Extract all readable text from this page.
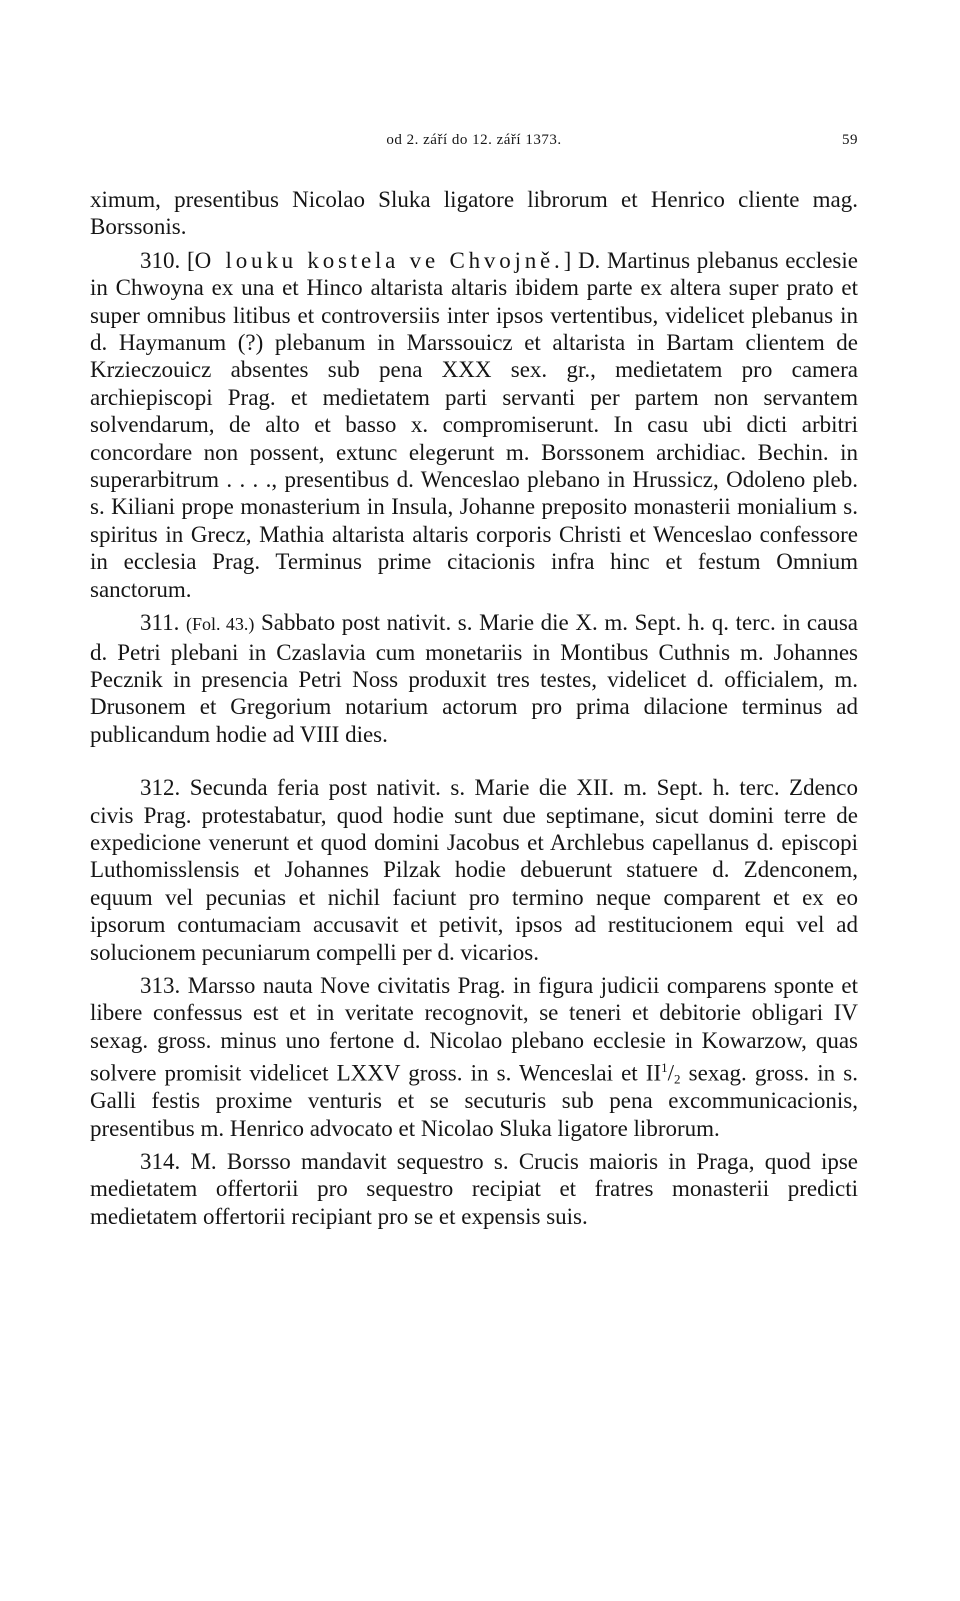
od 2. září do 12. září 1373.	59

ximum, presentibus Nicolao Sluka ligatore librorum et Henrico cliente mag. Borssonis.

310. [O louku kostela ve Chvojně.] D. Martinus plebanus ecclesie in Chwoyna ex una et Hinco altarista altaris ibidem parte ex altera super prato et super omnibus litibus et controversiis inter ipsos vertentibus, videlicet plebanus in d. Haymanum (?) plebanum in Marssouicz et altarista in Bartam clientem de Krzieczouicz absentes sub pena XXX sex. gr., medietatem pro camera archiepiscopi Prag. et medietatem parti servanti per partem non servantem solvendarum, de alto et basso x. compromiserunt. In casu ubi dicti arbitri concordare non possent, extunc elegerunt m. Borssonem archidiac. Bechin. in superarbitrum . . . ., presentibus d. Wenceslao plebano in Hrussicz, Odoleno pleb. s. Kiliani prope monasterium in Insula, Johanne preposito monasterii monialium s. spiritus in Grecz, Mathia altarista altaris corporis Christi et Wenceslao confessore in ecclesia Prag. Terminus prime citacionis infra hinc et festum Omnium sanctorum.

311. (Fol. 43.) Sabbato post nativit. s. Marie die X. m. Sept. h. q. terc. in causa d. Petri plebani in Czaslavia cum monetariis in Montibus Cuthnis m. Johannes Pecznik in presencia Petri Noss produxit tres testes, videlicet d. officialem, m. Drusonem et Gregorium notarium actorum pro prima dilacione terminus ad publicandum hodie ad VIII dies.

312. Secunda feria post nativit. s. Marie die XII. m. Sept. h. terc. Zdenco civis Prag. protestabatur, quod hodie sunt due septimane, sicut domini terre de expedicione venerunt et quod domini Jacobus et Archlebus capellanus d. episcopi Luthomisslensis et Johannes Pilzak hodie debuerunt statuere d. Zdenconem, equum vel pecunias et nichil faciunt pro termino neque comparent et ex eo ipsorum contumaciam accusavit et petivit, ipsos ad restitucionem equi vel ad solucionem pecuniarum compelli per d. vicarios.

313. Marsso nauta Nove civitatis Prag. in figura judicii comparens sponte et libere confessus est et in veritate recognovit, se teneri et debitorie obligari IV sexag. gross. minus uno fertone d. Nicolao plebano ecclesie in Kowarzow, quas solvere promisit videlicet LXXV gross. in s. Wenceslai et $II^1/_2$ sexag. gross. in s. Galli festis proxime venturis et se secuturis sub pena excommunicacionis, presentibus m. Henrico advocato et Nicolao Sluka ligatore librorum.

314. M. Borsso mandavit sequestro s. Crucis maioris in Praga, quod ipse medietatem offertorii pro sequestro recipiat et fratres monasterii predicti medietatem offertorii recipiant pro se et expensis suis.
